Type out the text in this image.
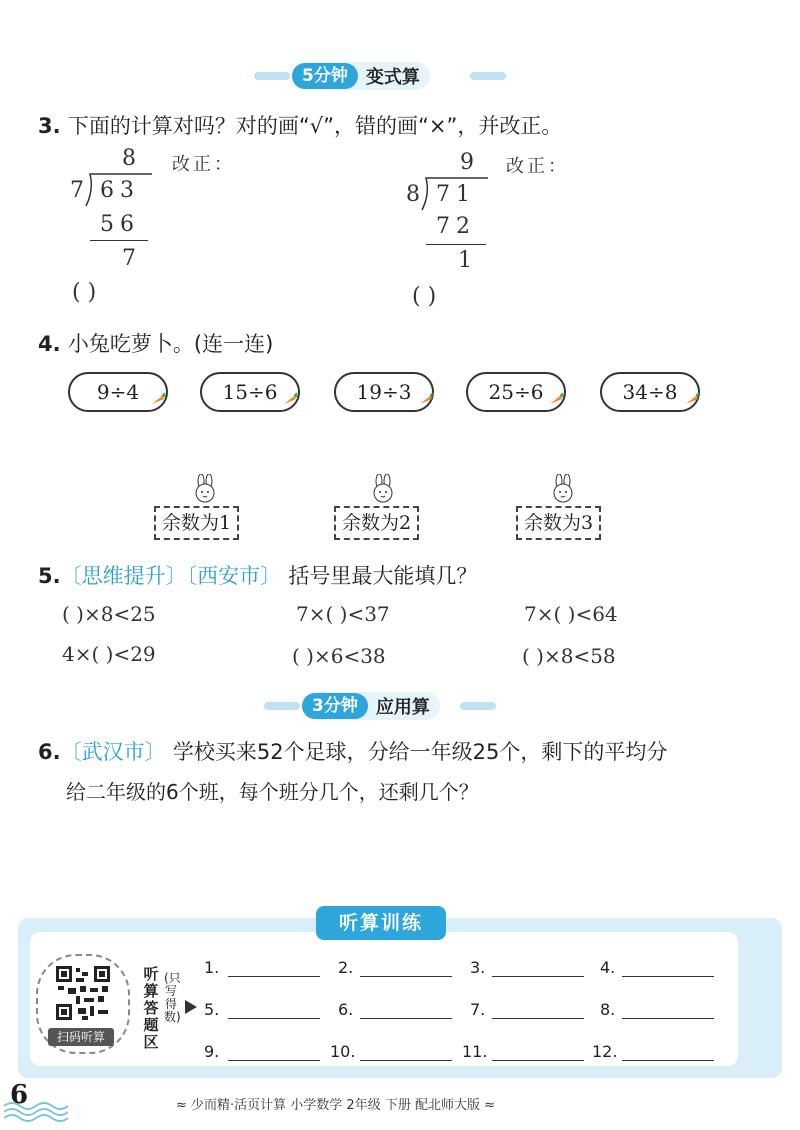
5分钟	变式算
3. 下面的计算对吗？对的画“√”，错的画“×”，并改正。
8
7 63
56
7
( )
改正：	9
8 71
72
1
( )
改正：
4. 小兔吃萝卜。(连一连)
9÷4	15÷6	19÷3	25÷6	34÷8
余数为1	余数为2	余数为3
5.〔思维提升〕〔西安市〕 括号里最大能填几？
( )×8<25	7×( )<37	7×( )<64
4×( )<29	( )×6<38	( )×8<58
3分钟	应用算
6.〔武汉市〕 学校买来52个足球，分给一年级25个，剩下的平均分
给二年级的6个班，每个班分几个，还剩几个？
听算训练
扫码听算
听算答题区
(只写得数)
1.	2.	3.	4.
5.	6.	7.	8.
9.	10.	11.	12.
6	≈ 少而精·活页计算 小学数学 2年级 下册 配北师大版 ≈
